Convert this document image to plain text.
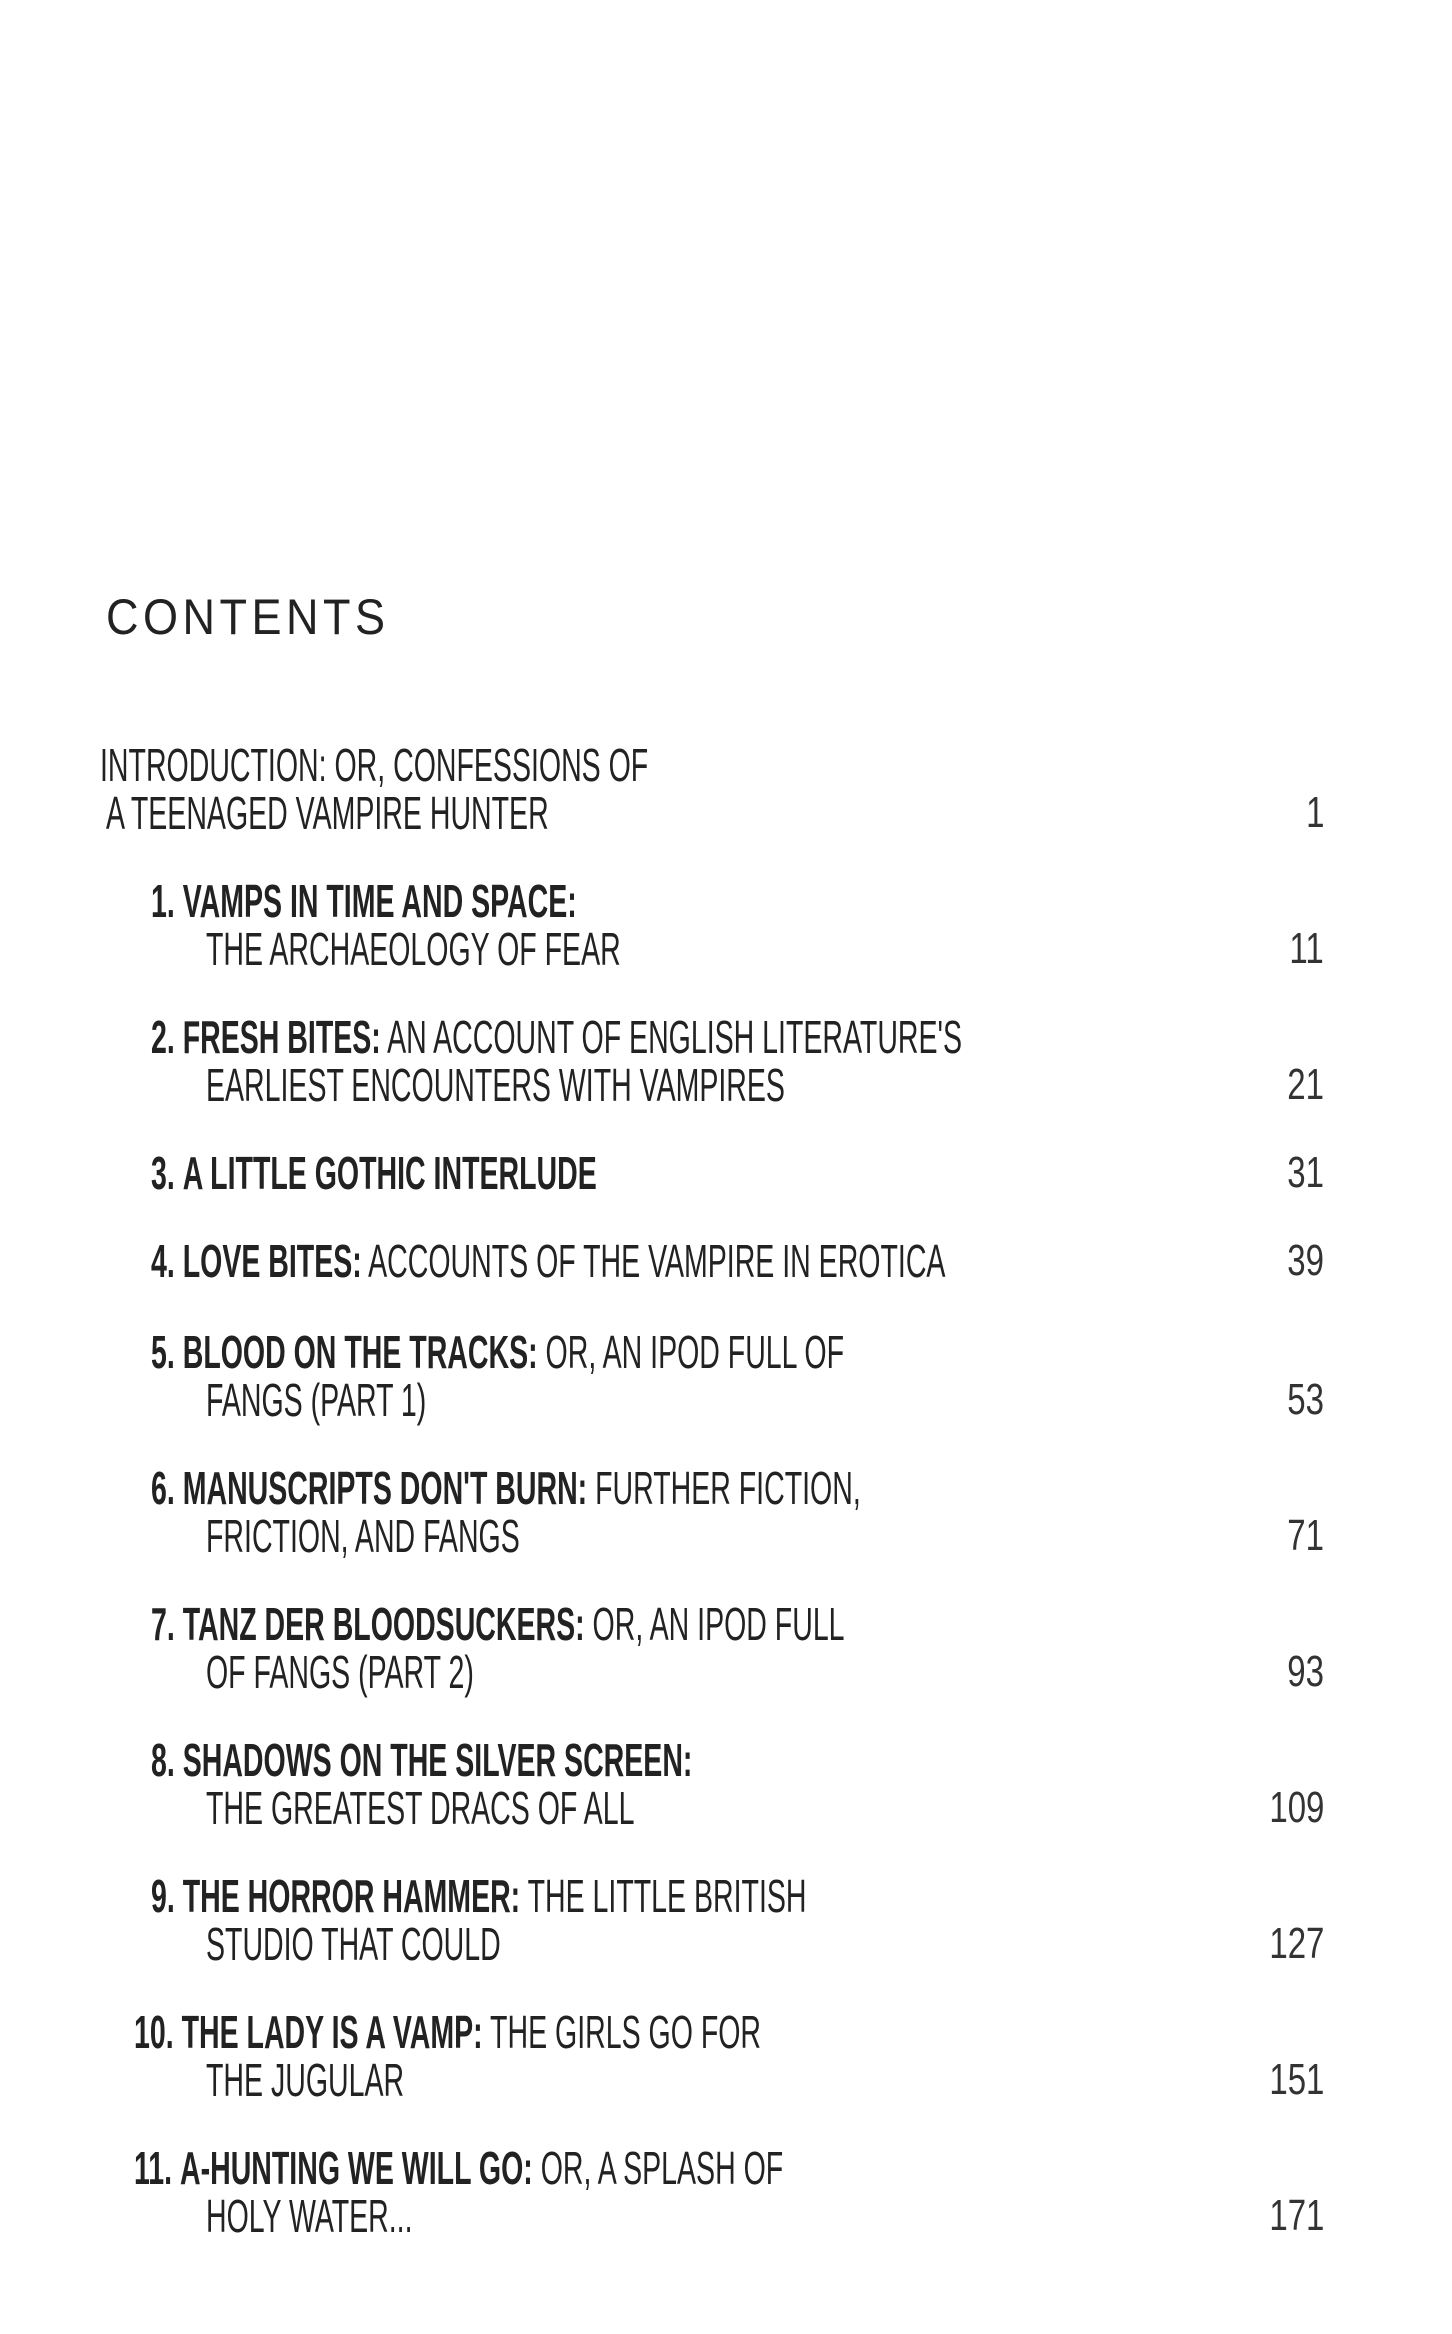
CONTENTS
INTRODUCTION: OR, CONFESSIONS OF
A TEENAGED VAMPIRE HUNTER	1
1. VAMPS IN TIME AND SPACE:
THE ARCHAEOLOGY OF FEAR	11
2. FRESH BITES: AN ACCOUNT OF ENGLISH LITERATURE'S
EARLIEST ENCOUNTERS WITH VAMPIRES	21
3. A LITTLE GOTHIC INTERLUDE	31
4. LOVE BITES: ACCOUNTS OF THE VAMPIRE IN EROTICA	39
5. BLOOD ON THE TRACKS: OR, AN IPOD FULL OF
FANGS (PART 1)	53
6. MANUSCRIPTS DON'T BURN: FURTHER FICTION,
FRICTION, AND FANGS	71
7. TANZ DER BLOODSUCKERS: OR, AN IPOD FULL
OF FANGS (PART 2)	93
8. SHADOWS ON THE SILVER SCREEN:
THE GREATEST DRACS OF ALL	109
9. THE HORROR HAMMER: THE LITTLE BRITISH
STUDIO THAT COULD	127
10. THE LADY IS A VAMP: THE GIRLS GO FOR
THE JUGULAR	151
11. A-HUNTING WE WILL GO: OR, A SPLASH OF
HOLY WATER...	171
